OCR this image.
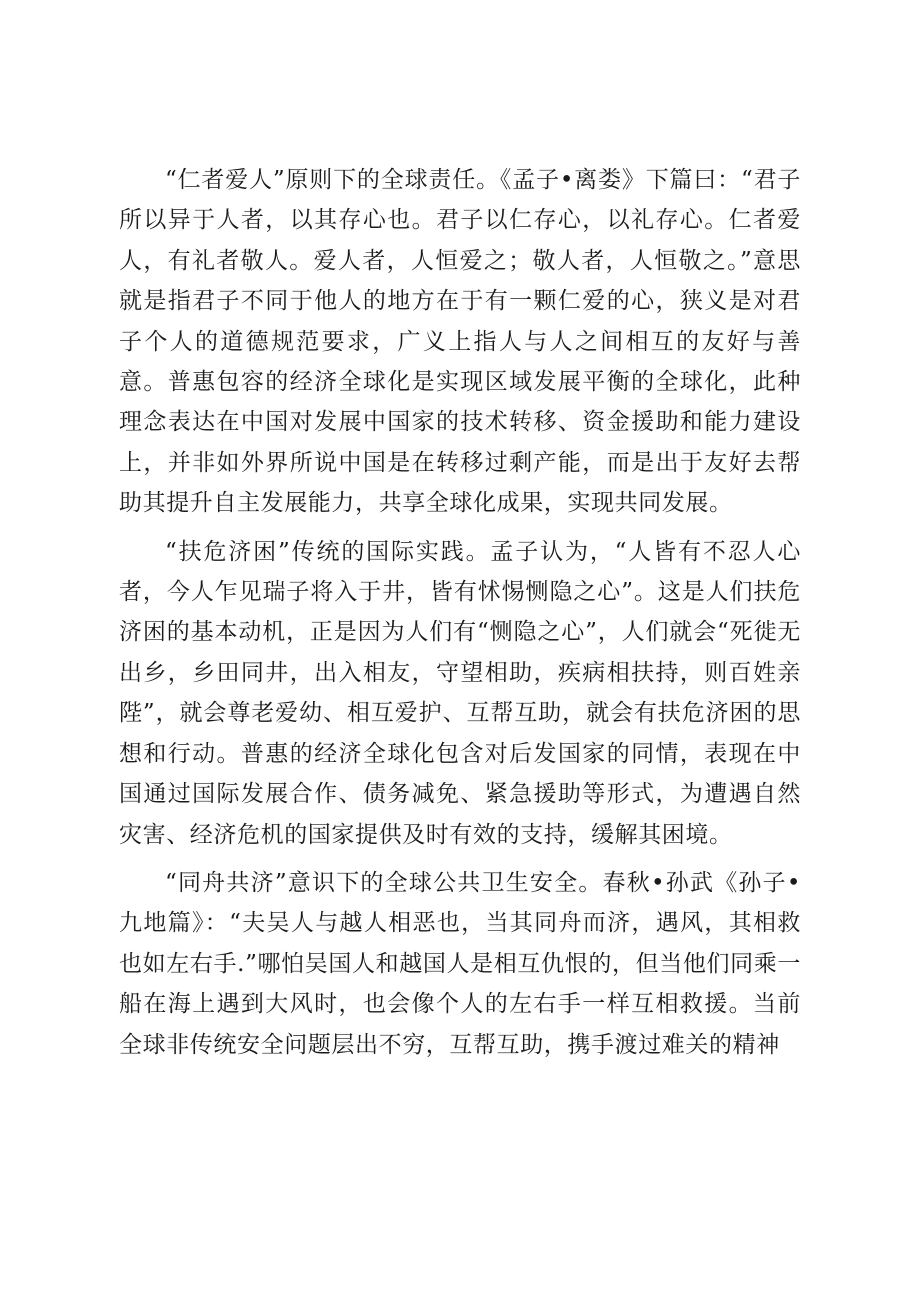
“仁者爱人”原则下的全球责任。《孟子•离娄》下篇曰：“君子所以异于人者，以其存心也。君子以仁存心，以礼存心。仁者爱人，有礼者敬人。爱人者，人恒爱之；敬人者，人恒敬之。”意思就是指君子不同于他人的地方在于有一颗仁爱的心，狭义是对君子个人的道德规范要求，广义上指人与人之间相互的友好与善意。普惠包容的经济全球化是实现区域发展平衡的全球化，此种理念表达在中国对发展中国家的技术转移、资金援助和能力建设上，并非如外界所说中国是在转移过剩产能，而是出于友好去帮助其提升自主发展能力，共享全球化成果，实现共同发展。

“扶危济困”传统的国际实践。孟子认为，“人皆有不忍人心者，今人乍见瑞子将入于井，皆有怵惕恻隐之心”。这是人们扶危济困的基本动机，正是因为人们有“恻隐之心”，人们就会“死徙无出乡，乡田同井，出入相友，守望相助，疾病相扶持，则百姓亲陛”，就会尊老爱幼、相互爱护、互帮互助，就会有扶危济困的思想和行动。普惠的经济全球化包含对后发国家的同情，表现在中国通过国际发展合作、债务减免、紧急援助等形式，为遭遇自然灾害、经济危机的国家提供及时有效的支持，缓解其困境。

“同舟共济”意识下的全球公共卫生安全。春秋•孙武《孙子•九地篇》：“夫吴人与越人相恶也，当其同舟而济，遇风，其相救也如左右手.”哪怕吴国人和越国人是相互仇恨的，但当他们同乘一船在海上遇到大风时，也会像个人的左右手一样互相救援。当前全球非传统安全问题层出不穷，互帮互助，携手渡过难关的精神
